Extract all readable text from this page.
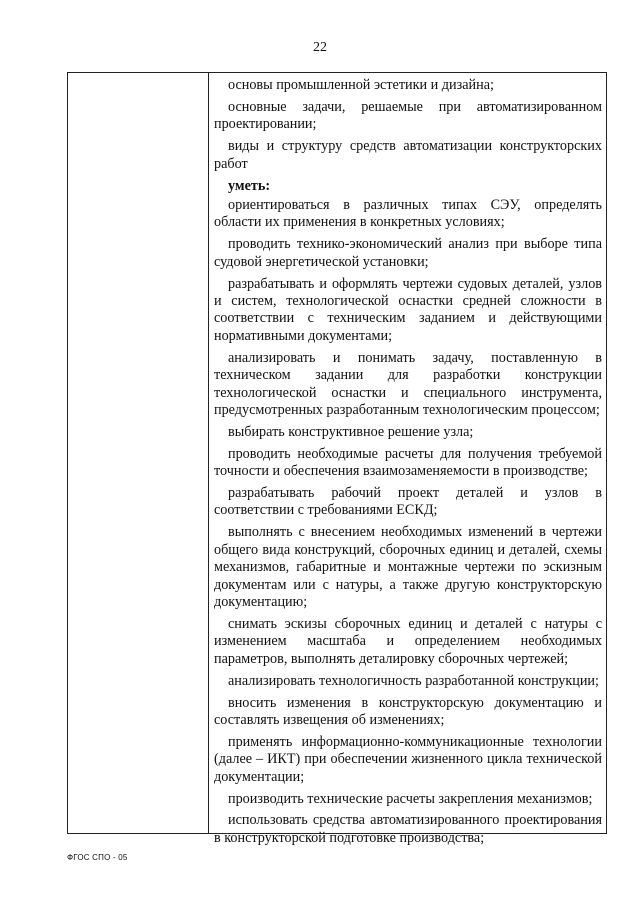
22

основы промышленной эстетики и дизайна;

основные задачи, решаемые при автоматизированном проектировании;

виды и структуру средств автоматизации конструкторских работ

уметь:

ориентироваться в различных типах СЭУ, определять области их применения в конкретных условиях;

проводить технико-экономический анализ при выборе типа судовой энергетической установки;

разрабатывать и оформлять чертежи судовых деталей, узлов и систем, технологической оснастки средней сложности в соответствии с техническим заданием и действующими нормативными документами;

анализировать и понимать задачу, поставленную в техническом задании для разработки конструкции технологической оснастки и специального инструмента, предусмотренных разработанным технологическим процессом;

выбирать конструктивное решение узла;

проводить необходимые расчеты для получения требуемой точности и обеспечения взаимозаменяемости в производстве;

разрабатывать рабочий проект деталей и узлов в соответствии с требованиями ЕСКД;

выполнять с внесением необходимых изменений в чертежи общего вида конструкций, сборочных единиц и деталей, схемы механизмов, габаритные и монтажные чертежи по эскизным документам или с натуры, а также другую конструкторскую документацию;

снимать эскизы сборочных единиц и деталей с натуры с изменением масштаба и определением необходимых параметров, выполнять деталировку сборочных чертежей;

анализировать технологичность разработанной конструкции;

вносить изменения в конструкторскую документацию и составлять извещения об изменениях;

применять информационно-коммуникационные технологии (далее – ИКТ) при обеспечении жизненного цикла технической документации;

производить технические расчеты закрепления механизмов;

использовать средства автоматизированного проектирования в конструкторской подготовке производства;

ФГОС СПО - 05
